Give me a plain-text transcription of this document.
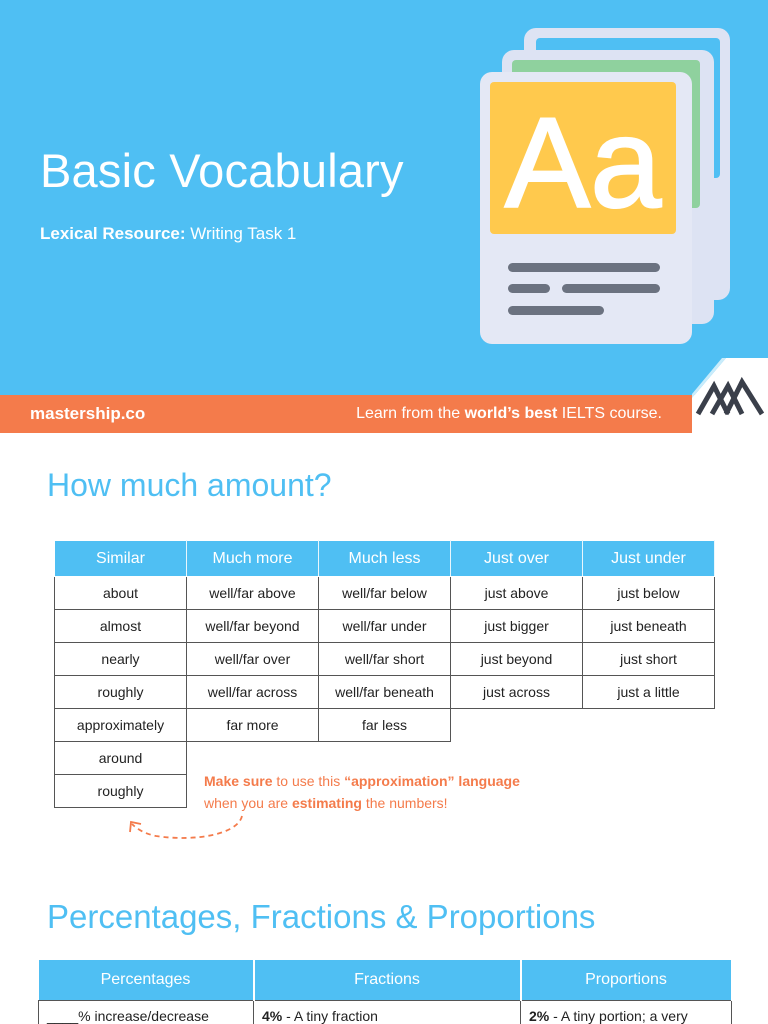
Basic Vocabulary
Lexical Resource: Writing Task 1 Aa
mastership.co	Learn from the world’s best IELTS course.
How much amount?
Similar	Much more	Much less	Just over	Just under
about	well/far above	well/far below	just above	just below
almost	well/far beyond	well/far under	just bigger	just beneath
nearly	well/far over	well/far short	just beyond	just short
roughly	well/far across	well/far beneath	just across	just a little
approximately	far more	far less		
around				
roughly				
Make sure to use this “approximation” language
when you are estimating the numbers!
Percentages, Fractions & Proportions
Percentages	Fractions	Proportions
____% increase/decrease	4% - A tiny fraction	2% - A tiny portion; a very
